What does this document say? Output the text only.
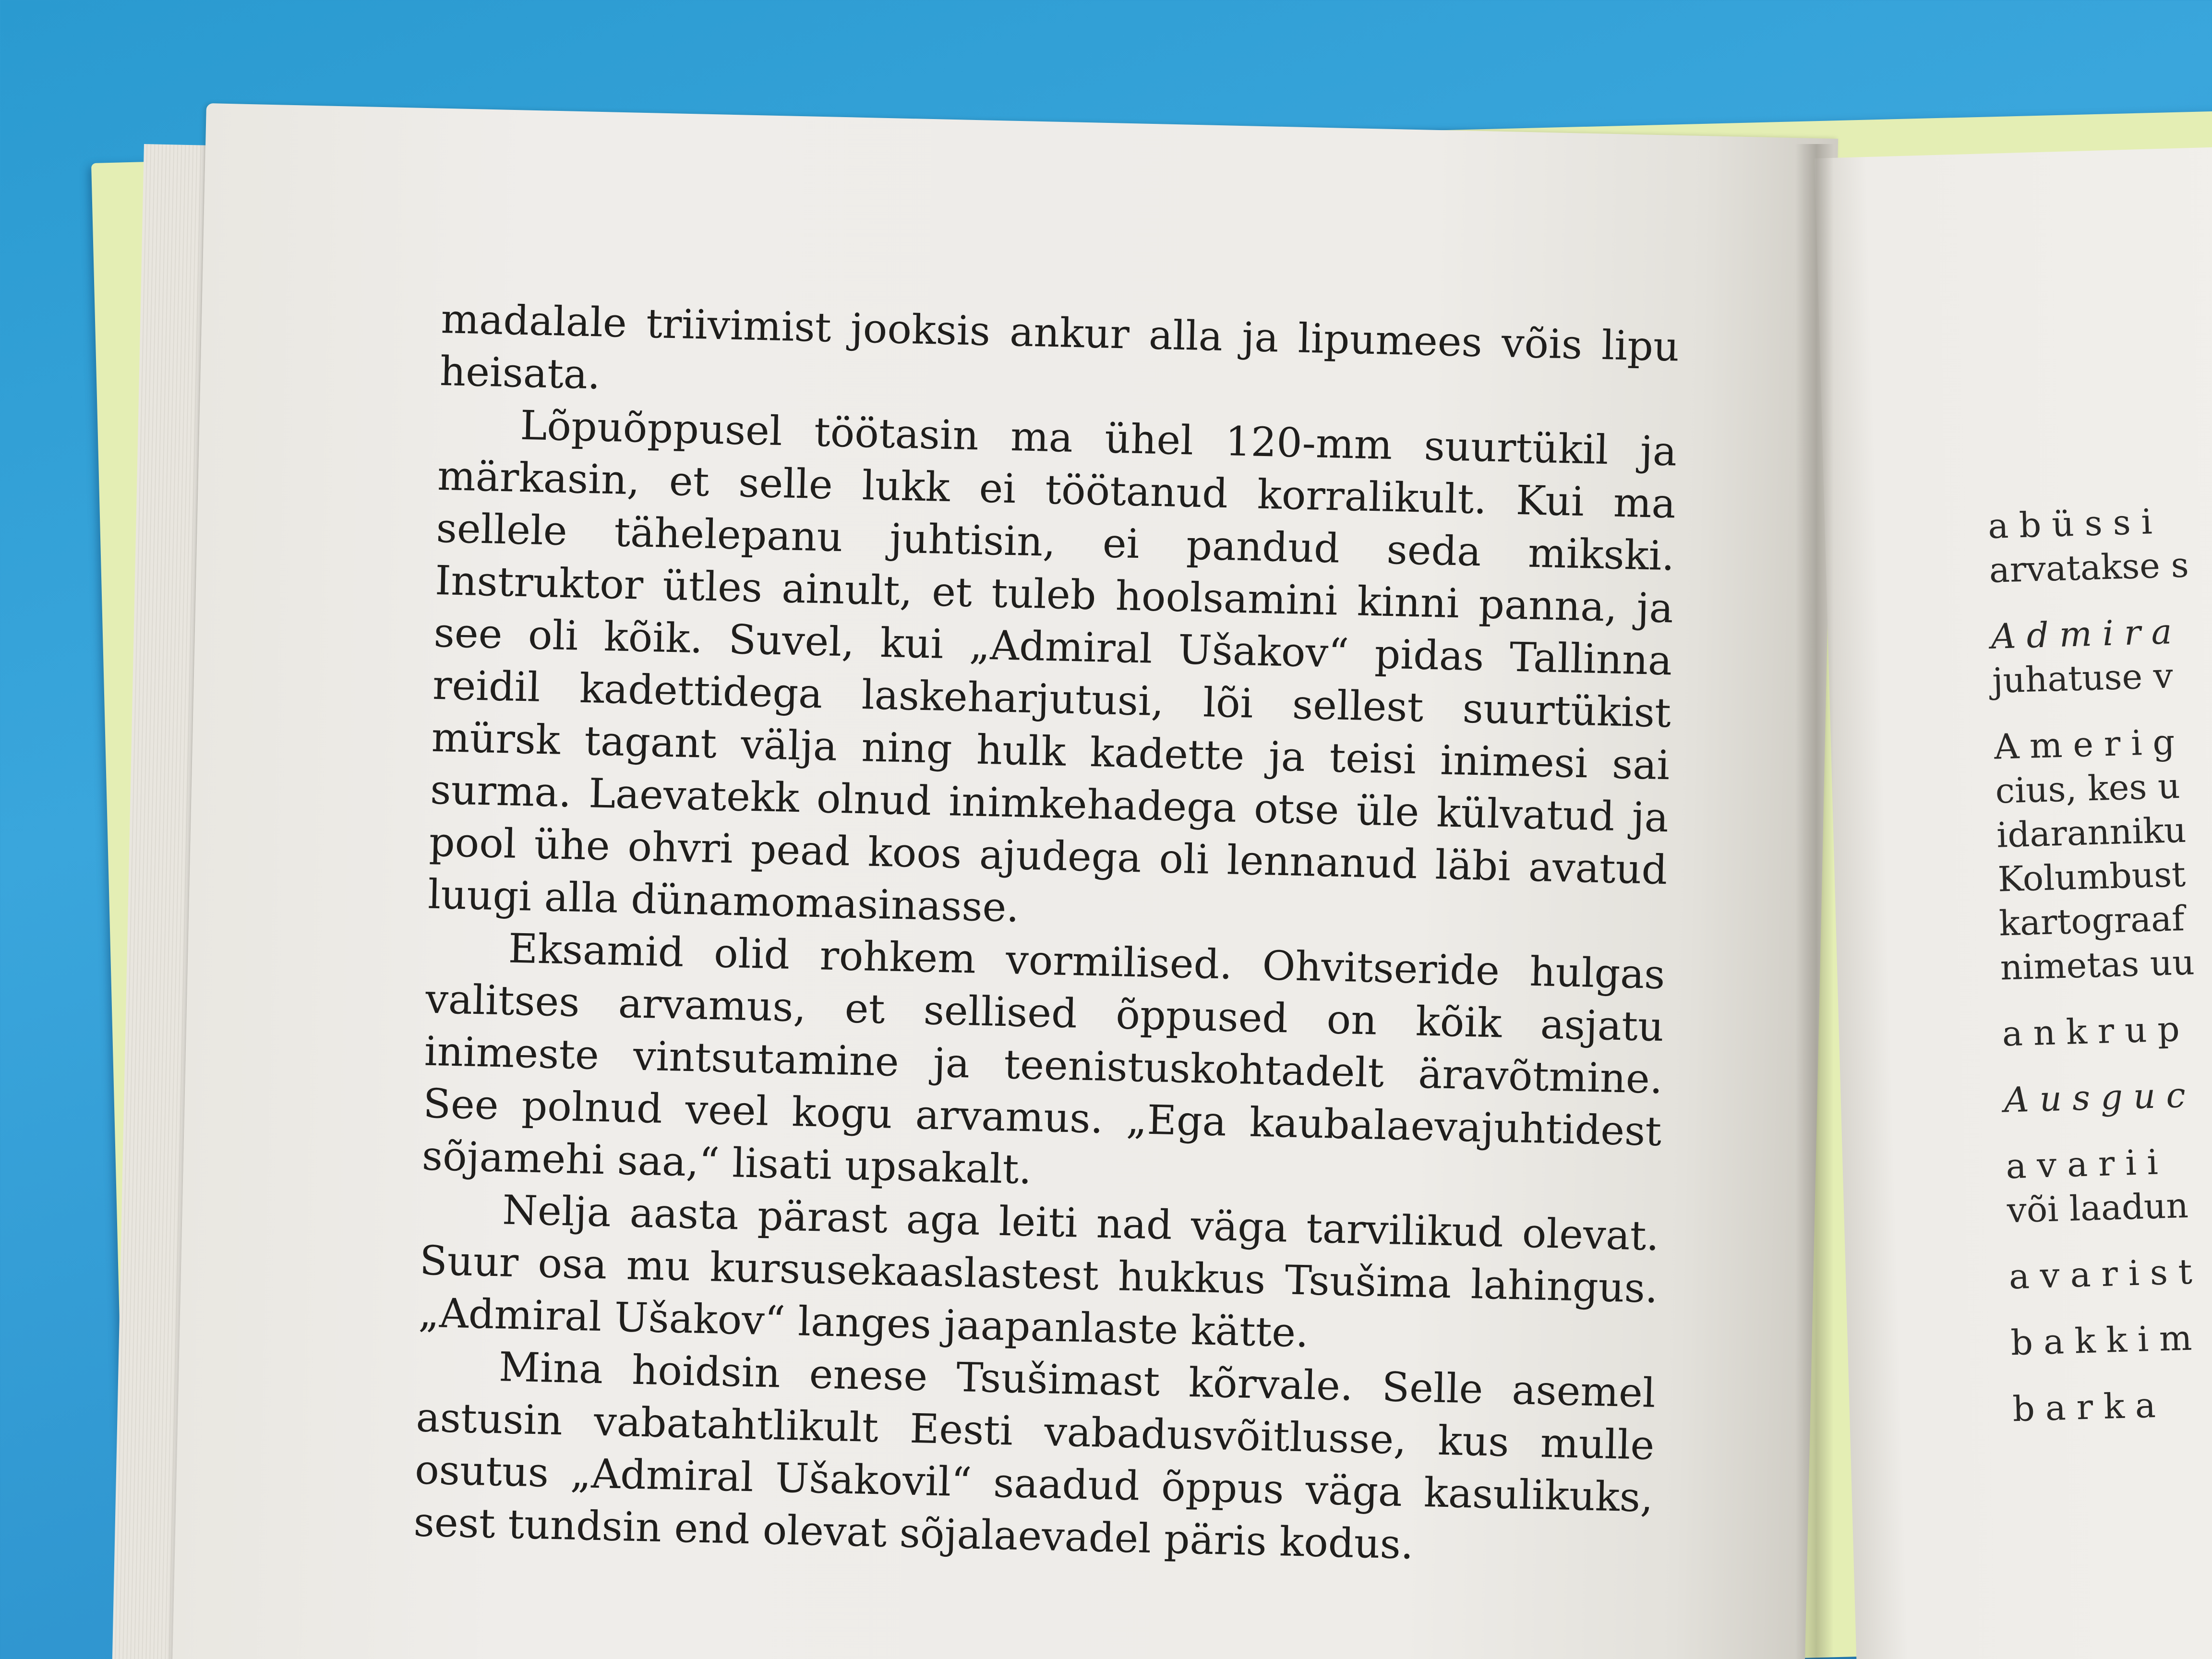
madalale triivimist jooksis ankur alla ja lipumees võis lipu heisata.

Lõpuõppusel töötasin ma ühel 120-mm suurtükil ja märkasin, et selle lukk ei töötanud korralikult. Kui ma sellele tähelepanu juhtisin, ei pandud seda mikski. Instruktor ütles ainult, et tuleb hoolsamini kinni panna, ja see oli kõik. Suvel, kui „Admiral Ušakov“ pidas Tallinna reidil kadettidega laskeharjutusi, lõi sellest suurtükist mürsk tagant välja ning hulk kadette ja teisi inimesi sai surma. Laevatekk olnud inimkehadega otse üle külvatud ja pool ühe ohvri pead koos ajudega oli lennanud läbi avatud luugi alla dünamomasinasse.

Eksamid olid rohkem vormilised. Ohvitseride hulgas valitses arvamus, et sellised õppused on kõik asjatu inimeste vintsutamine ja teenistuskohtadelt äravõtmine. See polnud veel kogu arvamus. „Ega kaubalaevajuhtidest sõjamehi saa,“ lisati upsakalt.

Nelja aasta pärast aga leiti nad väga tarvilikud olevat. Suur osa mu kursusekaaslastest hukkus Tsušima lahingus. „Admiral Ušakov“ langes jaapanlaste kätte.

Mina hoidsin enese Tsušimast kõrvale. Selle asemel astusin vabatahtlikult Eesti vabadusvõitlusse, kus mulle osutus „Admiral Ušakovil“ saadud õppus väga kasulikuks, sest tundsin end olevat sõjalaevadel päris kodus.

abüssi
arvatakse s
Admira
juhatuse v
Amerig
cius, kes u
idaranniku
Kolumbust
kartograaf
nimetas uu
ankrup
Ausguc
avarii
või laadun
avarist
bakkim
barka
